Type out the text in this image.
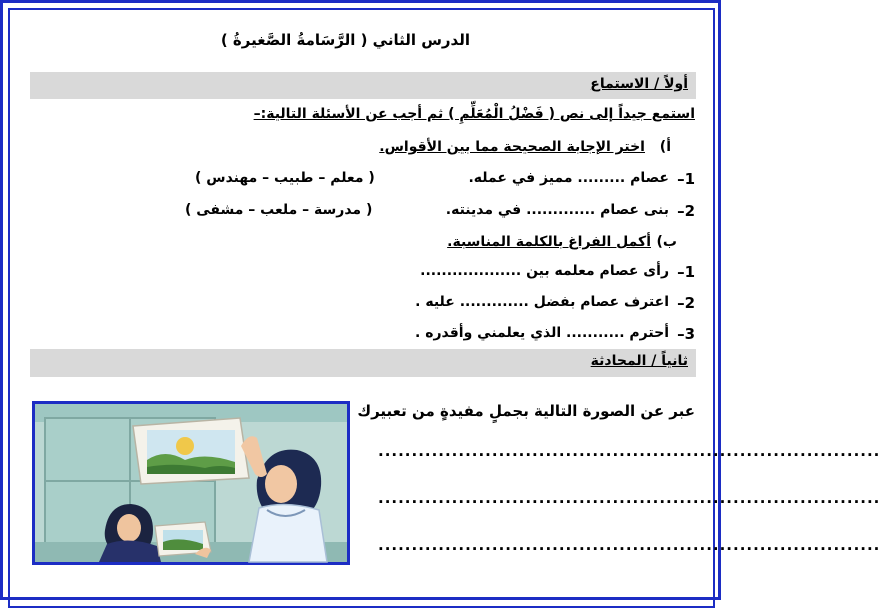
الدرس الثاني ( الرَّسَامةُ الصَّغيرةُ )
أولاً / الاستماع
استمع جيداً إلى نص ( فَضْلُ الْمُعَلِّمِ ) ثم أجب عن الأسئلة التالية:–
أ)
اختر الإجابة الصحيحة مما بين الأقواس.
1–
عصام ......... مميز في عمله.
( معلم – طبيب – مهندس )
2–
بنى عصام ............. في مدينته.
( مدرسة – ملعب – مشفى )
ب)
أكمل الفراغ بالكلمة المناسبة.
1–
رأى عصام معلمه بين ...................
2–
اعترف عصام بفضل ............. عليه .
3–
أحترم ........... الذي يعلمني وأقدره .
ثانياً / المحادثة
عبر عن الصورة التالية بجملٍ مفيدةٍ من تعبيرك
...........................................................................
...........................................................................
...........................................................................
